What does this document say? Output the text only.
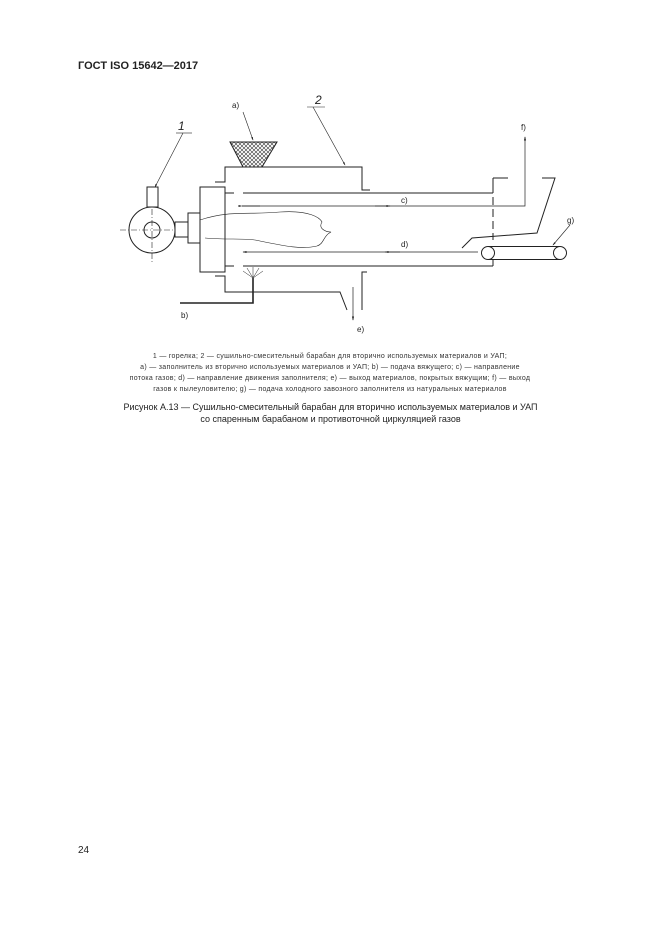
ГОСТ ISO 15642—2017
1
2
a)
b)
c)
d)
e)
f)
g)
1 — горелка; 2 — сушильно-смесительный барабан для вторично используемых материалов и УАП;
a) — заполнитель из вторично используемых материалов и УАП; b) — подача вяжущего; c) — направление
потока газов; d) — направление движения заполнителя; e) — выход материалов, покрытых вяжущим; f) — выход
газов к пылеуловителю; g) — подача холодного завозного заполнителя из натуральных материалов
Рисунок А.13 — Сушильно-смесительный барабан для вторично используемых материалов и УАП
со спаренным барабаном и противоточной циркуляцией газов
24
